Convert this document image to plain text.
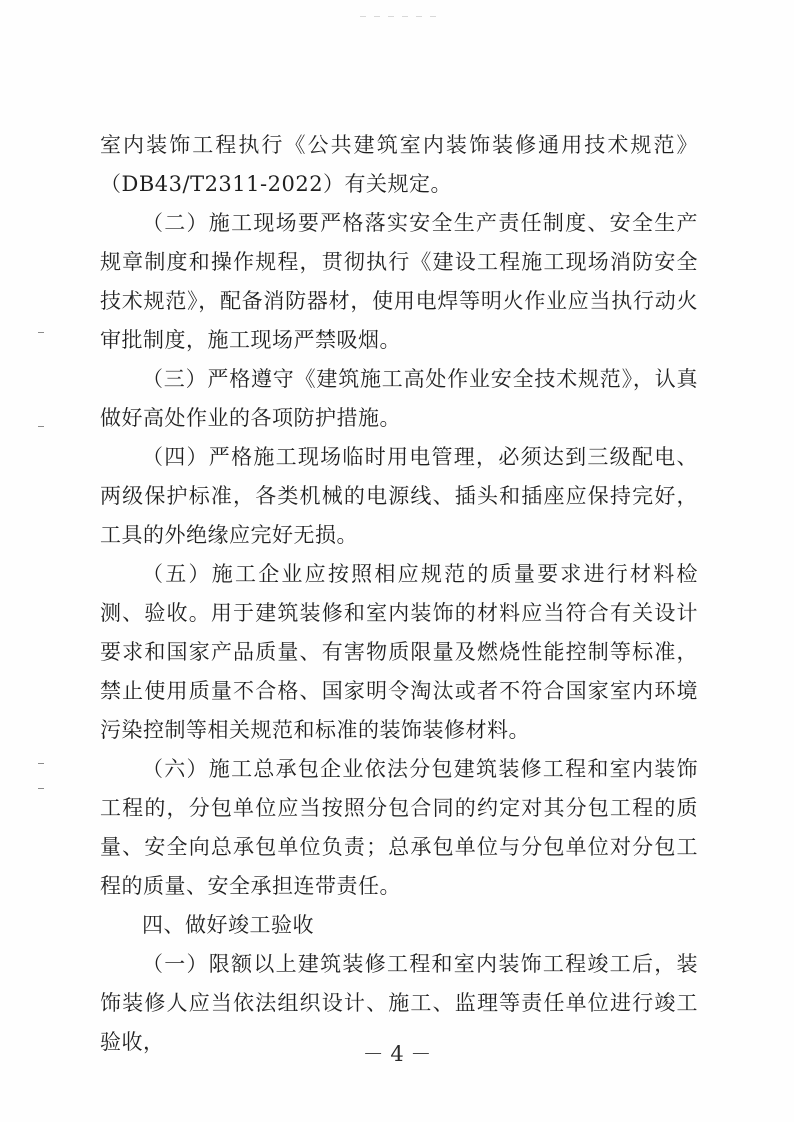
室内装饰工程执行《公共建筑室内装饰装修通用技术规范》（DB43/T2311-2022）有关规定。

（二）施工现场要严格落实安全生产责任制度、安全生产规章制度和操作规程，贯彻执行《建设工程施工现场消防安全技术规范》，配备消防器材，使用电焊等明火作业应当执行动火审批制度，施工现场严禁吸烟。

（三）严格遵守《建筑施工高处作业安全技术规范》，认真做好高处作业的各项防护措施。

（四）严格施工现场临时用电管理，必须达到三级配电、两级保护标准，各类机械的电源线、插头和插座应保持完好，工具的外绝缘应完好无损。

（五）施工企业应按照相应规范的质量要求进行材料检测、验收。用于建筑装修和室内装饰的材料应当符合有关设计要求和国家产品质量、有害物质限量及燃烧性能控制等标准，禁止使用质量不合格、国家明令淘汰或者不符合国家室内环境污染控制等相关规范和标准的装饰装修材料。

（六）施工总承包企业依法分包建筑装修工程和室内装饰工程的，分包单位应当按照分包合同的约定对其分包工程的质量、安全向总承包单位负责；总承包单位与分包单位对分包工程的质量、安全承担连带责任。

四、做好竣工验收

（一）限额以上建筑装修工程和室内装饰工程竣工后，装饰装修人应当依法组织设计、施工、监理等责任单位进行竣工验收，	－ 4 －
